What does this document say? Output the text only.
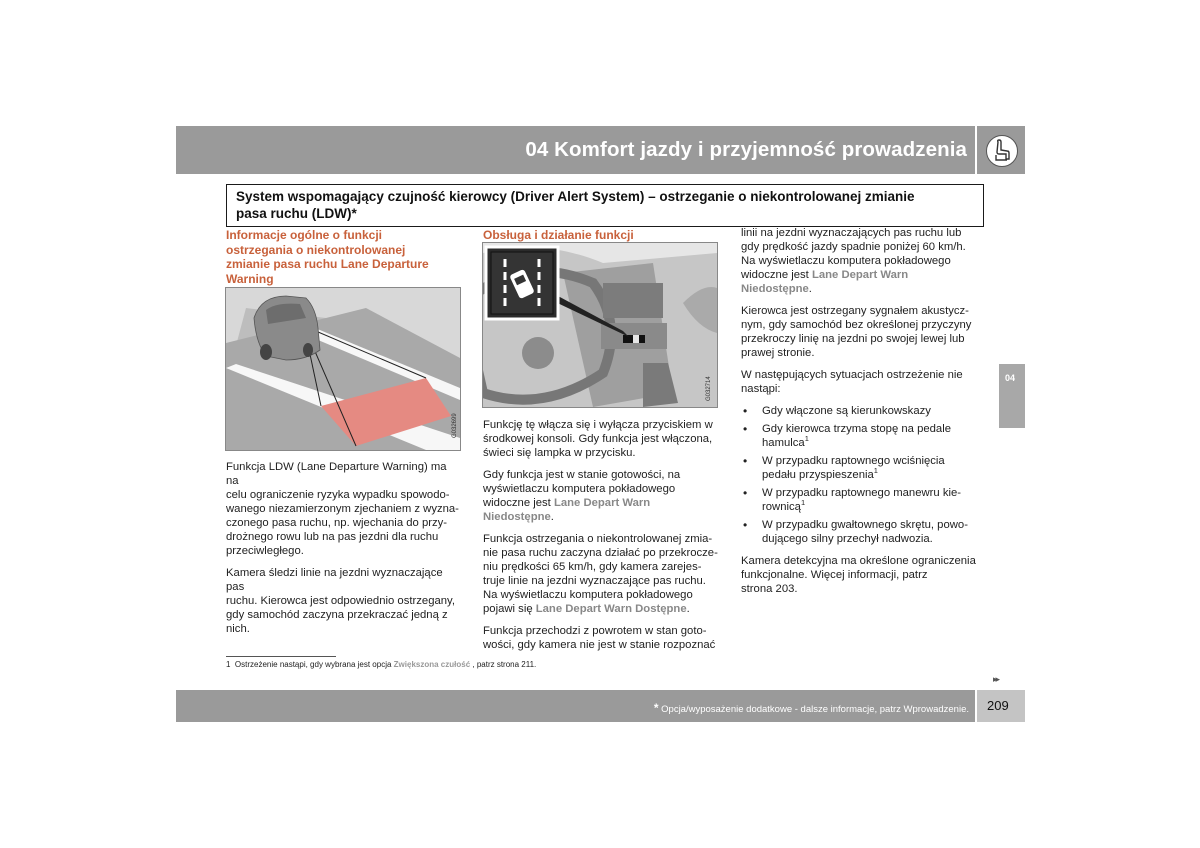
04 Komfort jazdy i przyjemność prowadzenia
System wspomagający czujność kierowcy (Driver Alert System) – ostrzeganie o niekontrolowanej zmianie
pasa ruchu (LDW)*
Informacje ogólne o funkcji
ostrzegania o niekontrolowanej
zmianie pasa ruchu Lane Departure
Warning
G032699

Funkcja LDW (Lane Departure Warning) ma na
celu ograniczenie ryzyka wypadku spowodo-
wanego niezamierzonym zjechaniem z wyzna-
czonego pasa ruchu, np. wjechania do przy-
drożnego rowu lub na pas jezdni dla ruchu
przeciwległego.

Kamera śledzi linie na jezdni wyznaczające pas
ruchu. Kierowca jest odpowiednio ostrzegany,
gdy samochód zaczyna przekraczać jedną z
nich.

Obsługa i działanie funkcji
G032714

Funkcję tę włącza się i wyłącza przyciskiem w
środkowej konsoli. Gdy funkcja jest włączona,
świeci się lampka w przycisku.

Gdy funkcja jest w stanie gotowości, na
wyświetlaczu komputera pokładowego
widoczne jest Lane Depart Warn
Niedostępne.

Funkcja ostrzegania o niekontrolowanej zmia-
nie pasa ruchu zaczyna działać po przekrocze-
niu prędkości 65 km/h, gdy kamera zarejes-
truje linie na jezdni wyznaczające pas ruchu.
Na wyświetlaczu komputera pokładowego
pojawi się Lane Depart Warn Dostępne.

Funkcja przechodzi z powrotem w stan goto-
wości, gdy kamera nie jest w stanie rozpoznać

linii na jezdni wyznaczających pas ruchu lub
gdy prędkość jazdy spadnie poniżej 60 km/h.
Na wyświetlaczu komputera pokładowego
widoczne jest Lane Depart Warn
Niedostępne.

Kierowca jest ostrzegany sygnałem akustycz-
nym, gdy samochód bez określonej przyczyny
przekroczy linię na jezdni po swojej lewej lub
prawej stronie.

W następujących sytuacjach ostrzeżenie nie
nastąpi:

• Gdy włączone są kierunkowskazy
• Gdy kierowca trzyma stopę na pedale
hamulca$^1$
• W przypadku raptownego wciśnięcia
pedału przyspieszenia$^1$
• W przypadku raptownego manewru kie-
rownicą$^1$
• W przypadku gwałtownego skrętu, powo-
dującego silny przechył nadwozia.

Kamera detekcyjna ma określone ograniczenia
funkcjonalne. Więcej informacji, patrz
strona 203.

04
1 Ostrzeżenie nastąpi, gdy wybrana jest opcja Zwiększona czułość , patrz strona 211.
▸▸
* Opcja/wyposażenie dodatkowe - dalsze informacje, patrz Wprowadzenie. 209
